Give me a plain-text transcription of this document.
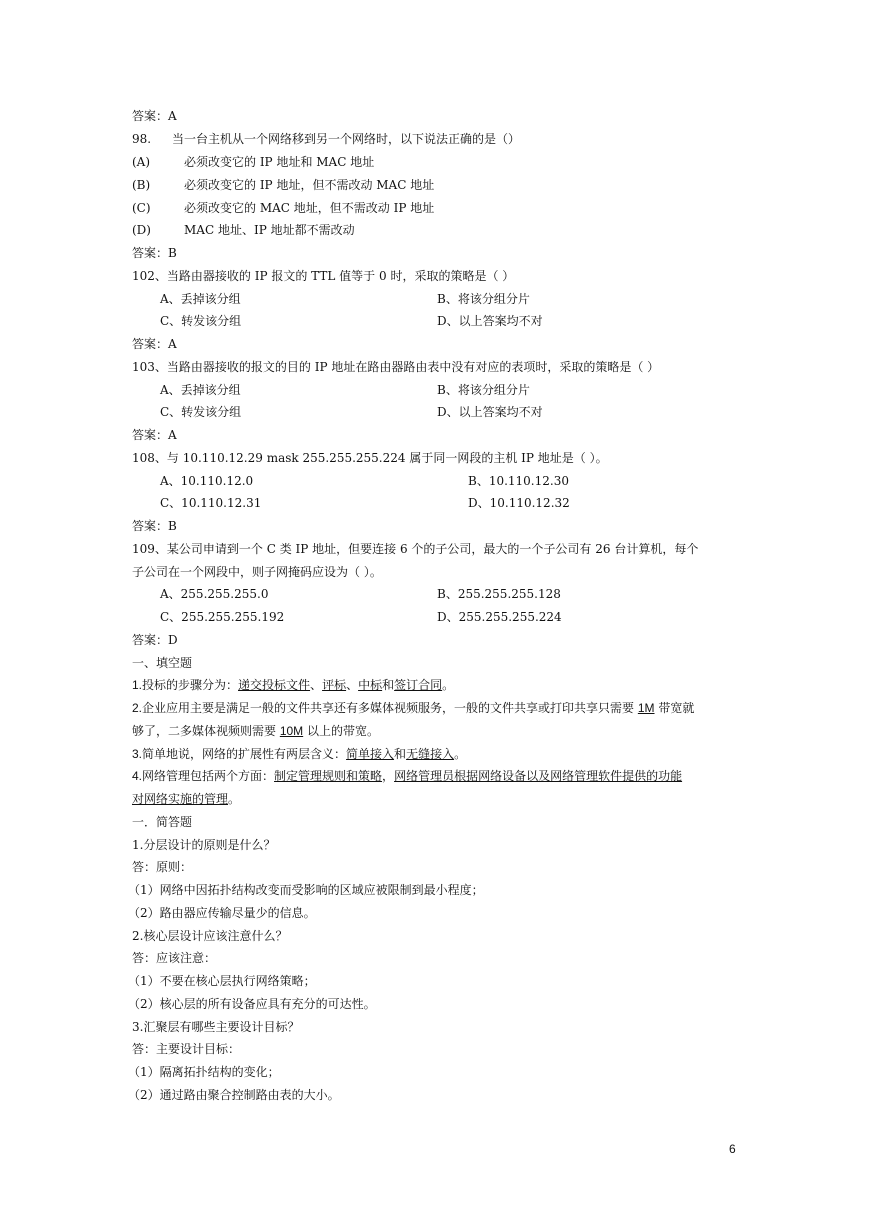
答案：A
98. 当一台主机从一个网络移到另一个网络时，以下说法正确的是（）
(A)	必须改变它的 IP 地址和 MAC 地址
(B)	必须改变它的 IP 地址，但不需改动 MAC 地址
(C)	必须改变它的 MAC 地址，但不需改动 IP 地址
(D)	MAC 地址、IP 地址都不需改动
答案：B
102、当路由器接收的 IP 报文的 TTL 值等于 0 时，采取的策略是（ ）
A、丢掉该分组	B、将该分组分片
C、转发该分组	D、以上答案均不对
答案：A
103、当路由器接收的报文的目的 IP 地址在路由器路由表中没有对应的表项时，采取的策略是（ ）
A、丢掉该分组	B、将该分组分片
C、转发该分组	D、以上答案均不对
答案：A
108、与 10.110.12.29 mask 255.255.255.224 属于同一网段的主机 IP 地址是（ ）。
A、10.110.12.0	B、10.110.12.30
C、10.110.12.31	D、10.110.12.32
答案：B
109、某公司申请到一个 C 类 IP 地址，但要连接 6 个的子公司，最大的一个子公司有 26 台计算机，每个
子公司在一个网段中，则子网掩码应设为（ ）。
A、255.255.255.0	B、255.255.255.128
C、255.255.255.192	D、255.255.255.224
答案：D
一、填空题
1.投标的步骤分为：递交投标文件、评标、中标和签订合同。
2.企业应用主要是满足一般的文件共享还有多媒体视频服务，一般的文件共享或打印共享只需要 1M 带宽就
够了，二多媒体视频则需要 10M 以上的带宽。
3.简单地说，网络的扩展性有两层含义：简单接入和无缝接入。
4.网络管理包括两个方面：制定管理规则和策略，网络管理员根据网络设备以及网络管理软件提供的功能
对网络实施的管理。
一．简答题
1.分层设计的原则是什么？
答：原则：
（1）网络中因拓扑结构改变而受影响的区域应被限制到最小程度；
（2）路由器应传输尽量少的信息。
2.核心层设计应该注意什么？
答：应该注意：
（1）不要在核心层执行网络策略；
（2）核心层的所有设备应具有充分的可达性。
3.汇聚层有哪些主要设计目标？
答：主要设计目标：
（1）隔离拓扑结构的变化；
（2）通过路由聚合控制路由表的大小。
6
